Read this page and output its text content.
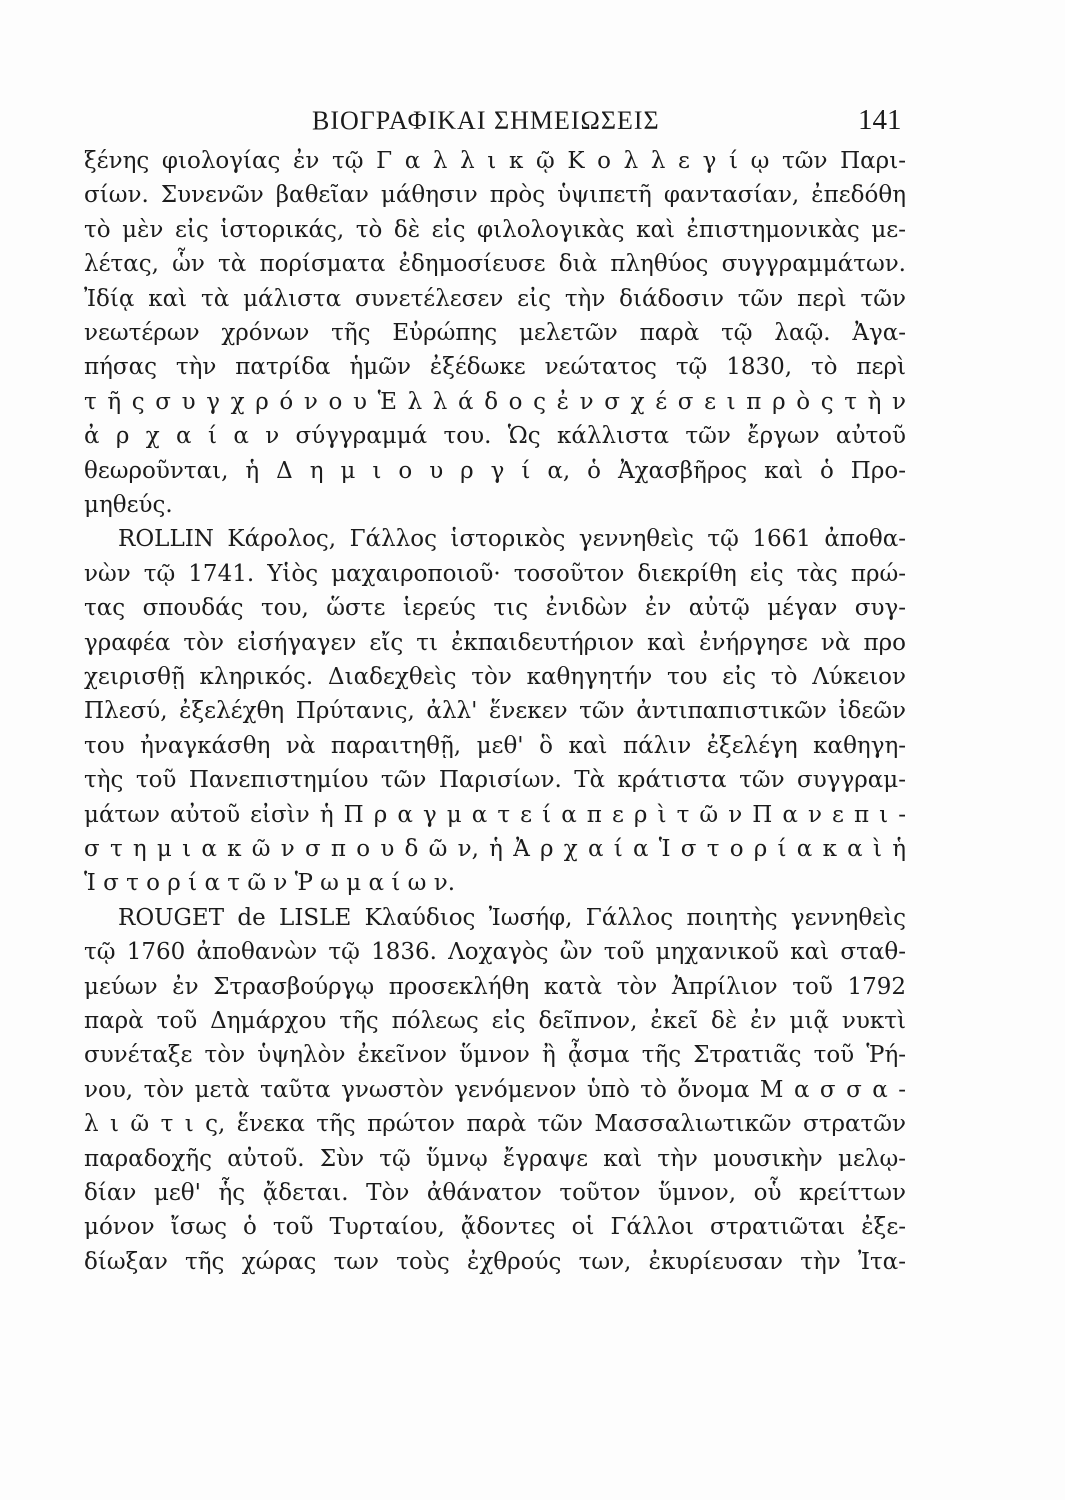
ΒΙΟΓΡΑΦΙΚΑΙ ΣΗΜΕΙΩΣΕΙΣ	141
ξένης φιολογίας ἐν τῷ Γ α λ λ ι κ ῷ Κ ο λ λ ε γ ί ῳ τῶν Παρι-
σίων. Συνενῶν βαθεῖαν μάθησιν πρὸς ὑψιπετῆ φαντασίαν, ἐπεδόθη
τὸ μὲν εἰς ἱστορικάς, τὸ δὲ εἰς φιλολογικὰς καὶ ἐπιστημονικὰς με-
λέτας, ὧν τὰ πορίσματα ἐδημοσίευσε διὰ πληθύος συγγραμμάτων.
Ἰδίᾳ καὶ τὰ μάλιστα συνετέλεσεν εἰς τὴν διάδοσιν τῶν περὶ τῶν
νεωτέρων χρόνων τῆς Εὐρώπης μελετῶν παρὰ τῷ λαῷ. Ἀγα-
πήσας τὴν πατρίδα ἡμῶν ἐξέδωκε νεώτατος τῷ 1830, τὸ περὶ
τ ῆ ς σ υ γ χ ρ ό ν ο υ Ἑ λ λ ά δ ο ς ἐ ν σ χ έ σ ε ι π ρ ὸ ς τ ὴ ν
ἀ ρ χ α ί α ν σύγγραμμά του. Ὡς κάλλιστα τῶν ἔργων αὐτοῦ
θεωροῦνται, ἡ Δ η μ ι ο υ ρ γ ί α, ὁ Ἀχασβῆρος καὶ ὁ Προ-
μηθεύς.
ROLLIN Κάρολος, Γάλλος ἱστορικὸς γεννηθεὶς τῷ 1661 ἀποθα-
νὼν τῷ 1741. Υἱὸς μαχαιροποιοῦ· τοσοῦτον διεκρίθη εἰς τὰς πρώ-
τας σπουδάς του, ὥστε ἱερεύς τις ἐνιδὼν ἐν αὐτῷ μέγαν συγ-
γραφέα τὸν εἰσήγαγεν εἴς τι ἐκπαιδευτήριον καὶ ἐνήργησε νὰ προ
χειρισθῇ κληρικός. Διαδεχθεὶς τὸν καθηγητήν του εἰς τὸ Λύκειον
Πλεσύ, ἐξελέχθη Πρύτανις, ἀλλ' ἕνεκεν τῶν ἀντιπαπιστικῶν ἰδεῶν
του ἠναγκάσθη νὰ παραιτηθῇ, μεθ' ὃ καὶ πάλιν ἐξελέγη καθηγη-
τὴς τοῦ Πανεπιστημίου τῶν Παρισίων. Τὰ κράτιστα τῶν συγγραμ-
μάτων αὐτοῦ εἰσὶν ἡ Π ρ α γ μ α τ ε ί α π ε ρ ὶ τ ῶ ν Π α ν ε π ι -
σ τ η μ ι α κ ῶ ν σ π ο υ δ ῶ ν, ἡ Ἀ ρ χ α ί α Ἱ σ τ ο ρ ί α κ α ὶ ἡ
Ἱ σ τ ο ρ ί α τ ῶ ν Ῥ ω μ α ί ω ν.
ROUGET de LISLE Κλαύδιος Ἰωσήφ, Γάλλος ποιητὴς γεννηθεὶς
τῷ 1760 ἀποθανὼν τῷ 1836. Λοχαγὸς ὢν τοῦ μηχανικοῦ καὶ σταθ-
μεύων ἐν Στρασβούργῳ προσεκλήθη κατὰ τὸν Ἀπρίλιον τοῦ 1792
παρὰ τοῦ Δημάρχου τῆς πόλεως εἰς δεῖπνον, ἐκεῖ δὲ ἐν μιᾷ νυκτὶ
συνέταξε τὸν ὑψηλὸν ἐκεῖνον ὕμνον ἢ ᾆσμα τῆς Στρατιᾶς τοῦ Ῥή-
νου, τὸν μετὰ ταῦτα γνωστὸν γενόμενον ὑπὸ τὸ ὄνομα Μ α σ σ α -
λ ι ῶ τ ι ς, ἕνεκα τῆς πρώτον παρὰ τῶν Μασσαλιωτικῶν στρατῶν
παραδοχῆς αὐτοῦ. Σὺν τῷ ὕμνῳ ἔγραψε καὶ τὴν μουσικὴν μελῳ-
δίαν μεθ' ἧς ᾄδεται. Τὸν ἀθάνατον τοῦτον ὕμνον, οὗ κρείττων
μόνον ἴσως ὁ τοῦ Τυρταίου, ᾄδοντες οἱ Γάλλοι στρατιῶται ἐξε-
δίωξαν τῆς χώρας των τοὺς ἐχθρούς των, ἐκυρίευσαν τὴν Ἰτα-
